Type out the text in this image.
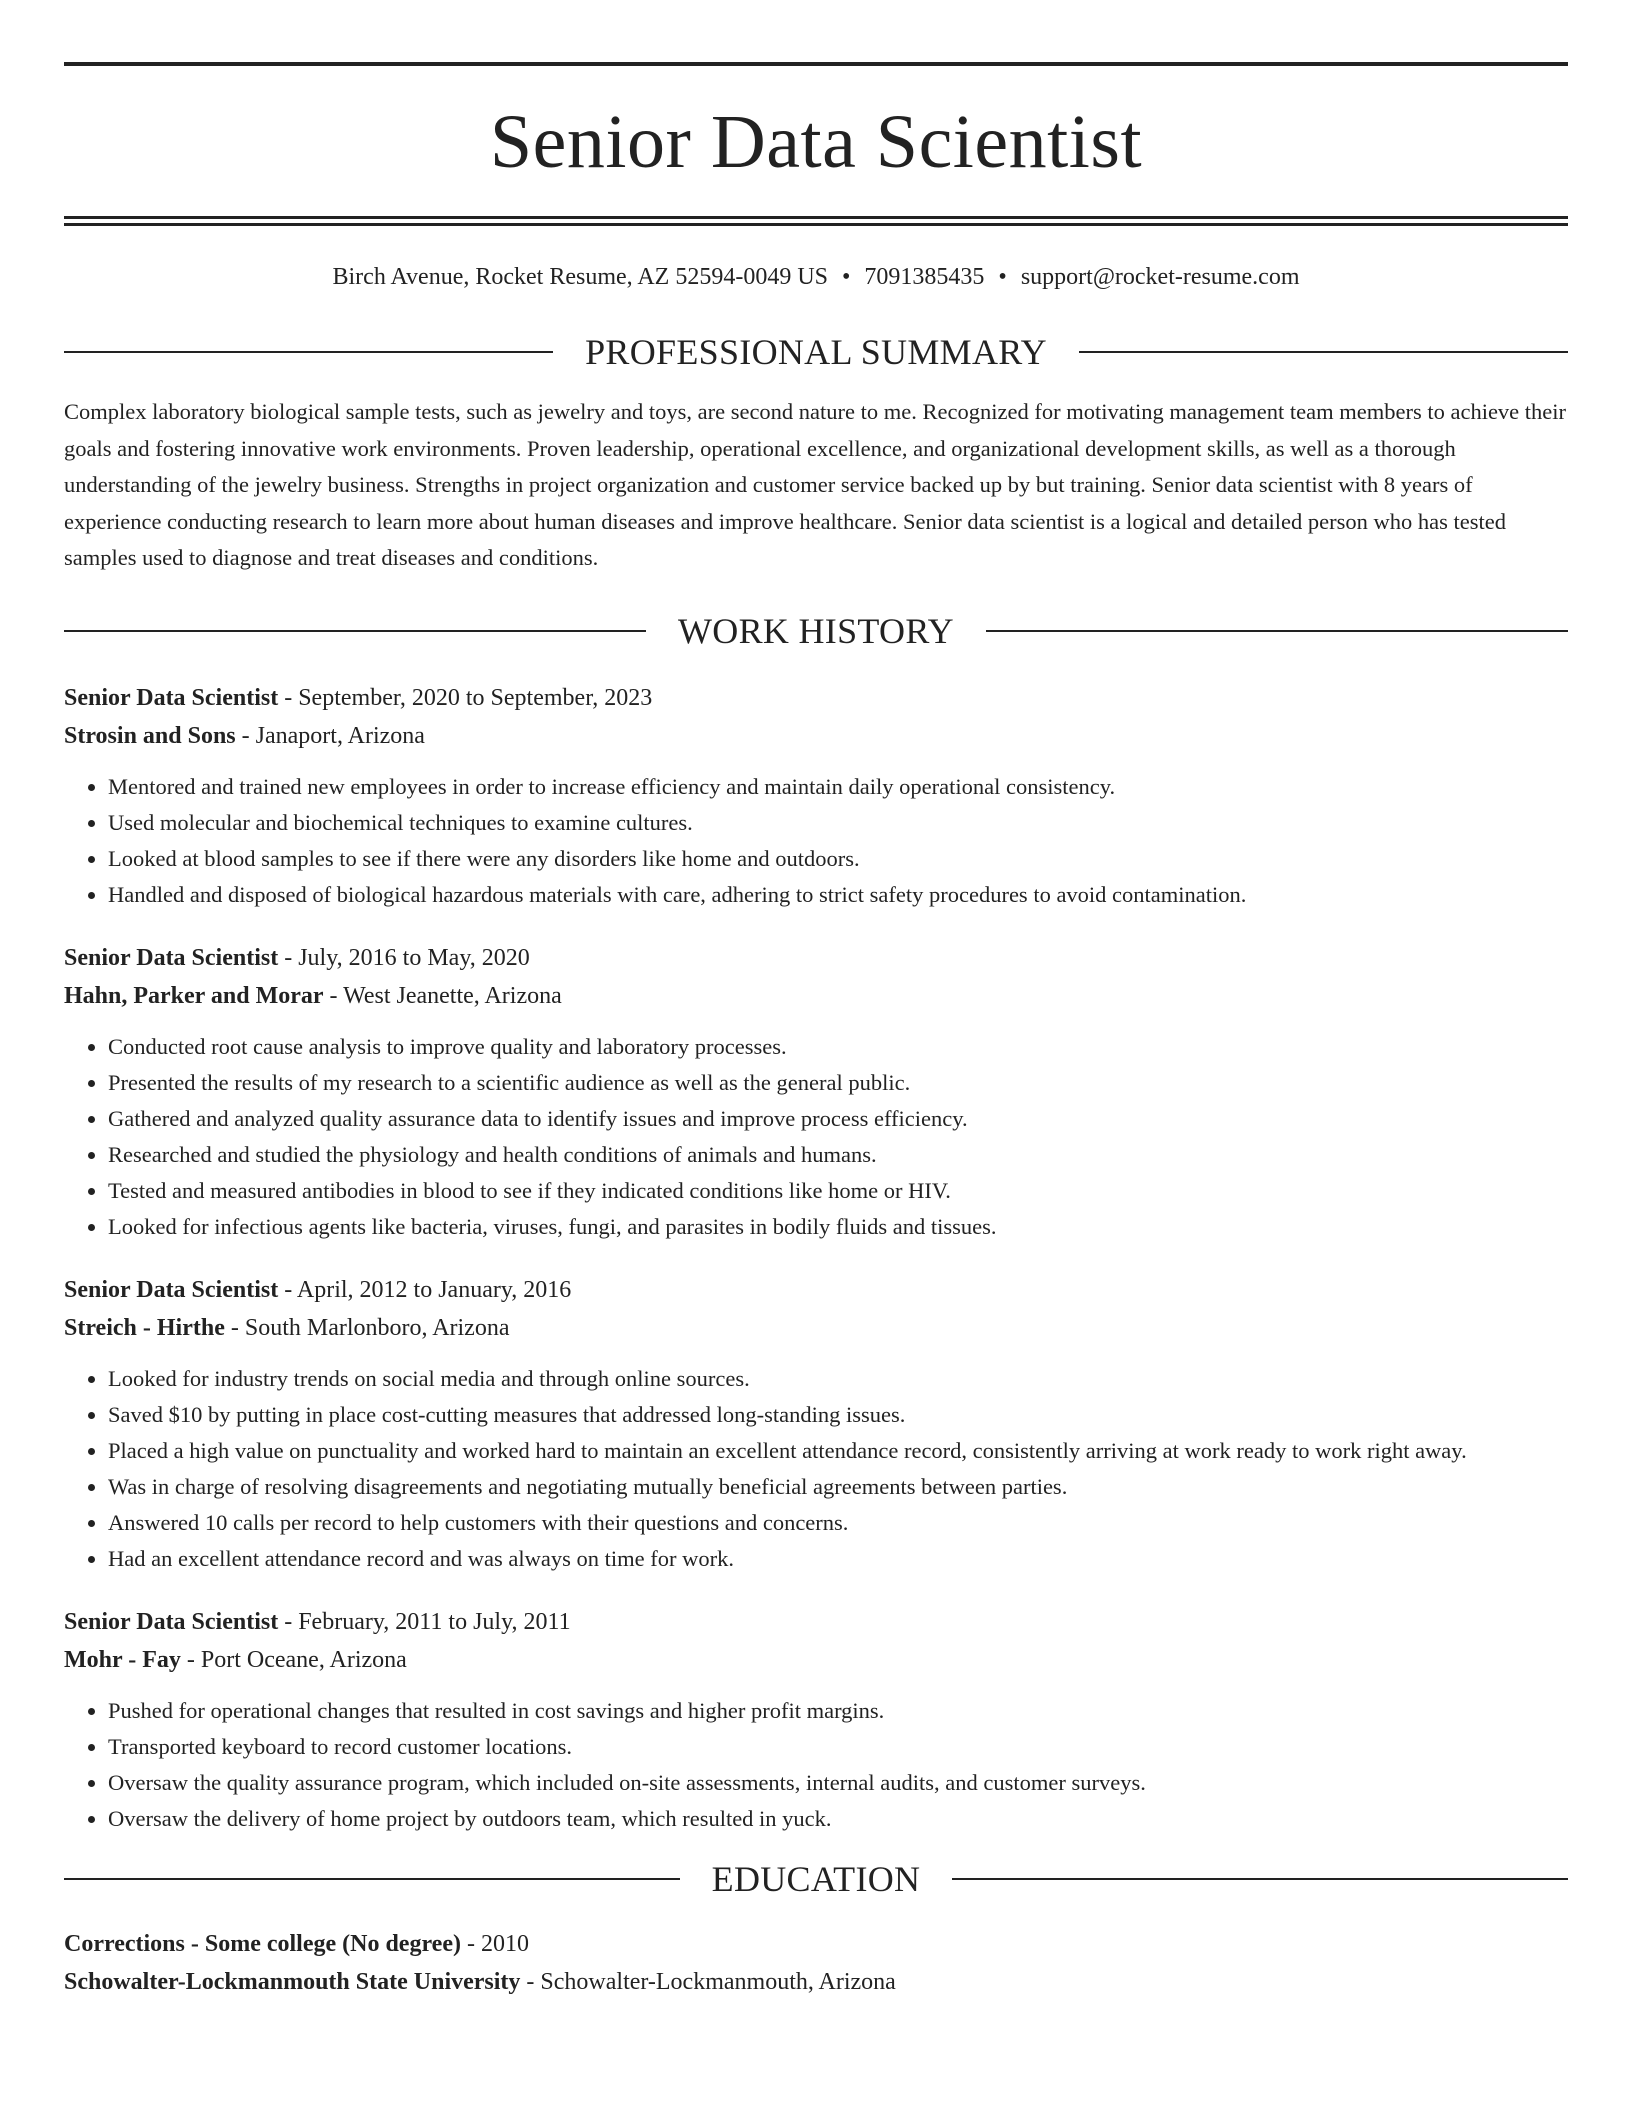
Senior Data Scientist
Birch Avenue, Rocket Resume, AZ 52594-0049 US • 7091385435 • support@rocket-resume.com
PROFESSIONAL SUMMARY
Complex laboratory biological sample tests, such as jewelry and toys, are second nature to me. Recognized for motivating management team members to achieve their goals and fostering innovative work environments. Proven leadership, operational excellence, and organizational development skills, as well as a thorough understanding of the jewelry business. Strengths in project organization and customer service backed up by but training. Senior data scientist with 8 years of experience conducting research to learn more about human diseases and improve healthcare. Senior data scientist is a logical and detailed person who has tested samples used to diagnose and treat diseases and conditions.
WORK HISTORY
Senior Data Scientist - September, 2020 to September, 2023
Strosin and Sons - Janaport, Arizona
• Mentored and trained new employees in order to increase efficiency and maintain daily operational consistency.
• Used molecular and biochemical techniques to examine cultures.
• Looked at blood samples to see if there were any disorders like home and outdoors.
• Handled and disposed of biological hazardous materials with care, adhering to strict safety procedures to avoid contamination.
Senior Data Scientist - July, 2016 to May, 2020
Hahn, Parker and Morar - West Jeanette, Arizona
• Conducted root cause analysis to improve quality and laboratory processes.
• Presented the results of my research to a scientific audience as well as the general public.
• Gathered and analyzed quality assurance data to identify issues and improve process efficiency.
• Researched and studied the physiology and health conditions of animals and humans.
• Tested and measured antibodies in blood to see if they indicated conditions like home or HIV.
• Looked for infectious agents like bacteria, viruses, fungi, and parasites in bodily fluids and tissues.
Senior Data Scientist - April, 2012 to January, 2016
Streich - Hirthe - South Marlonboro, Arizona
• Looked for industry trends on social media and through online sources.
• Saved $10 by putting in place cost-cutting measures that addressed long-standing issues.
• Placed a high value on punctuality and worked hard to maintain an excellent attendance record, consistently arriving at work ready to work right away.
• Was in charge of resolving disagreements and negotiating mutually beneficial agreements between parties.
• Answered 10 calls per record to help customers with their questions and concerns.
• Had an excellent attendance record and was always on time for work.
Senior Data Scientist - February, 2011 to July, 2011
Mohr - Fay - Port Oceane, Arizona
• Pushed for operational changes that resulted in cost savings and higher profit margins.
• Transported keyboard to record customer locations.
• Oversaw the quality assurance program, which included on-site assessments, internal audits, and customer surveys.
• Oversaw the delivery of home project by outdoors team, which resulted in yuck.
EDUCATION
Corrections - Some college (No degree) - 2010
Schowalter-Lockmanmouth State University - Schowalter-Lockmanmouth, Arizona
